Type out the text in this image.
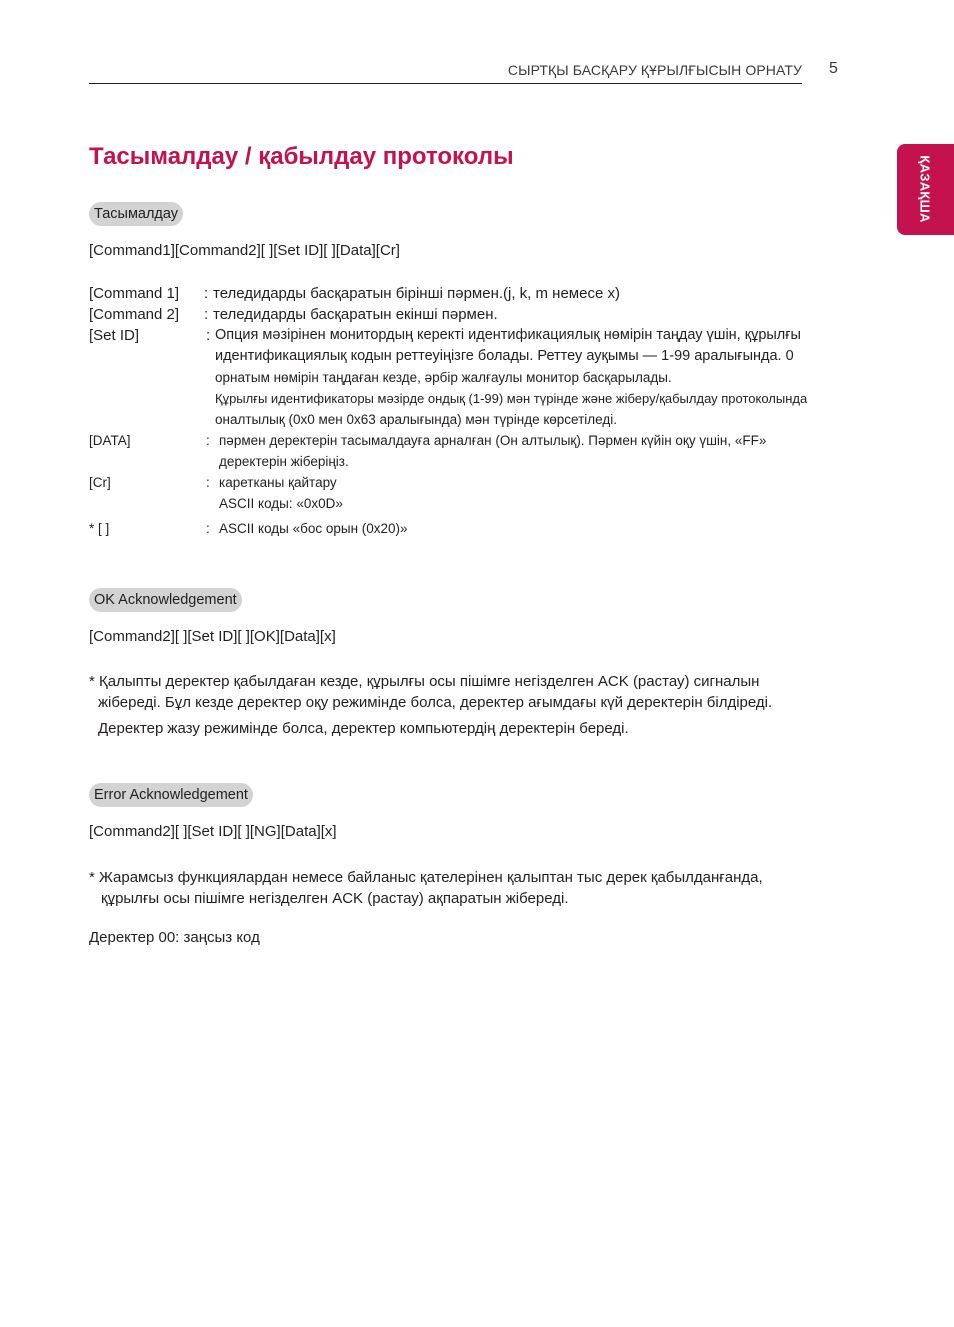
СЫРТҚЫ БАСҚАРУ ҚҰРЫЛҒЫСЫН ОРНАТУ 5
ҚАЗАҚША
Тасымалдау / қабылдау протоколы
Тасымалдау
[Command1][Command2][ ][Set ID][ ][Data][Cr]
[Command 1] : теледидарды басқаратын бірінші пәрмен.(j, k, m немесе x)
[Command 2] : теледидарды басқаратын екінші пәрмен.
[Set ID]	: Опция мәзірінен монитордың керекті идентификациялық нөмірін таңдау үшін, құрылғы
идентификациялық кодын реттеуіңізге болады. Реттеу ауқымы — 1-99 аралығында. 0
орнатым нөмірін таңдаған кезде, әрбір жалғаулы монитор басқарылады.
Құрылғы идентификаторы мәзірде ондық (1-99) мән түрінде және жіберу/қабылдау протоколында
оналтылық (0x0 мен 0x63 аралығында) мән түрінде көрсетіледі.
[DATA]	: пәрмен деректерін тасымалдауға арналған (Он алтылық). Пәрмен күйін оқу үшін, «FF»
деректерін жіберіңіз.
[Cr]	: каретканы қайтару
ASCII коды: «0x0D»
* [ ]	: ASCII коды «бос орын (0x20)»
OK Acknowledgement
[Command2][ ][Set ID][ ][OK][Data][x]
* Қалыпты деректер қабылдаған кезде, құрылғы осы пішімге негізделген ACK (растау) сигналын
жібереді. Бұл кезде деректер оқу режимінде болса, деректер ағымдағы күй деректерін білдіреді.
Деректер жазу режимінде болса, деректер компьютердің деректерін береді.
Error Acknowledgement
[Command2][ ][Set ID][ ][NG][Data][x]
* Жарамсыз функциялардан немесе байланыс қателерінен қалыптан тыс дерек қабылданғанда,
құрылғы осы пішімге негізделген ACK (растау) ақпаратын жібереді.
Деректер 00: заңсыз код
